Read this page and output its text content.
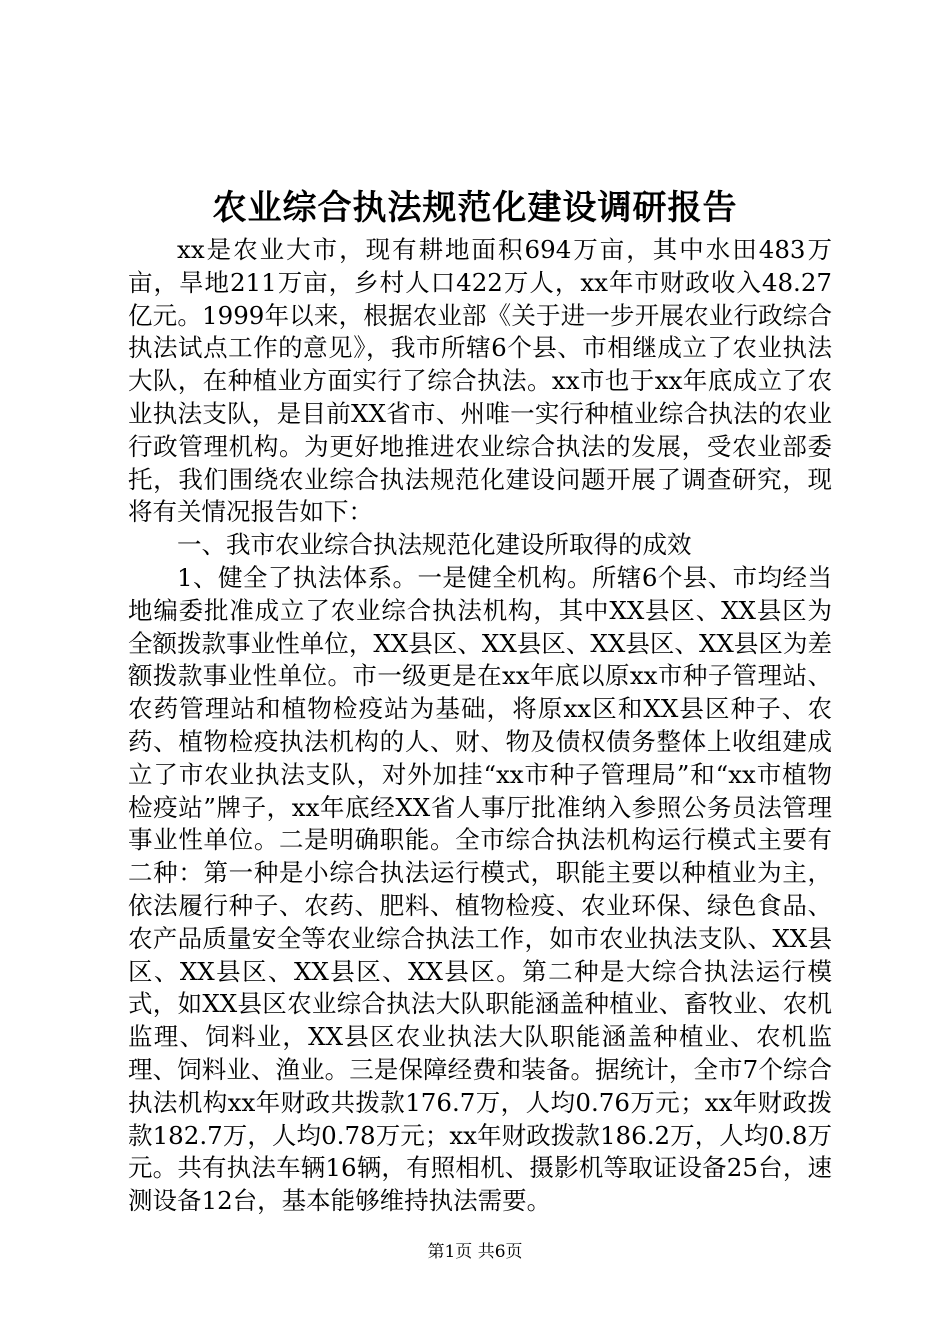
农业综合执法规范化建设调研报告

xx是农业大市，现有耕地面积694万亩，其中水田483万亩，旱地211万亩，乡村人口422万人，xx年市财政收入48.27亿元。1999年以来，根据农业部《关于进一步开展农业行政综合执法试点工作的意见》，我市所辖6个县、市相继成立了农业执法大队，在种植业方面实行了综合执法。xx市也于xx年底成立了农业执法支队，是目前XX省市、州唯一实行种植业综合执法的农业行政管理机构。为更好地推进农业综合执法的发展，受农业部委托，我们围绕农业综合执法规范化建设问题开展了调查研究，现将有关情况报告如下：

一、我市农业综合执法规范化建设所取得的成效

1、健全了执法体系。一是健全机构。所辖6个县、市均经当地编委批准成立了农业综合执法机构，其中XX县区、XX县区为全额拨款事业性单位，XX县区、XX县区、XX县区、XX县区为差额拨款事业性单位。市一级更是在xx年底以原xx市种子管理站、农药管理站和植物检疫站为基础，将原xx区和XX县区种子、农药、植物检疫执法机构的人、财、物及债权债务整体上收组建成立了市农业执法支队，对外加挂“xx市种子管理局”和“xx市植物检疫站”牌子，xx年底经XX省人事厅批准纳入参照公务员法管理事业性单位。二是明确职能。全市综合执法机构运行模式主要有二种：第一种是小综合执法运行模式，职能主要以种植业为主，依法履行种子、农药、肥料、植物检疫、农业环保、绿色食品、农产品质量安全等农业综合执法工作，如市农业执法支队、XX县区、XX县区、XX县区、XX县区。第二种是大综合执法运行模式，如XX县区农业综合执法大队职能涵盖种植业、畜牧业、农机监理、饲料业，XX县区农业执法大队职能涵盖种植业、农机监理、饲料业、渔业。三是保障经费和装备。据统计，全市7个综合执法机构xx年财政共拨款176.7万，人均0.76万元；xx年财政拨款182.7万，人均0.78万元；xx年财政拨款186.2万，人均0.8万元。共有执法车辆16辆，有照相机、摄影机等取证设备25台，速测设备12台，基本能够维持执法需要。

第1页 共6页
